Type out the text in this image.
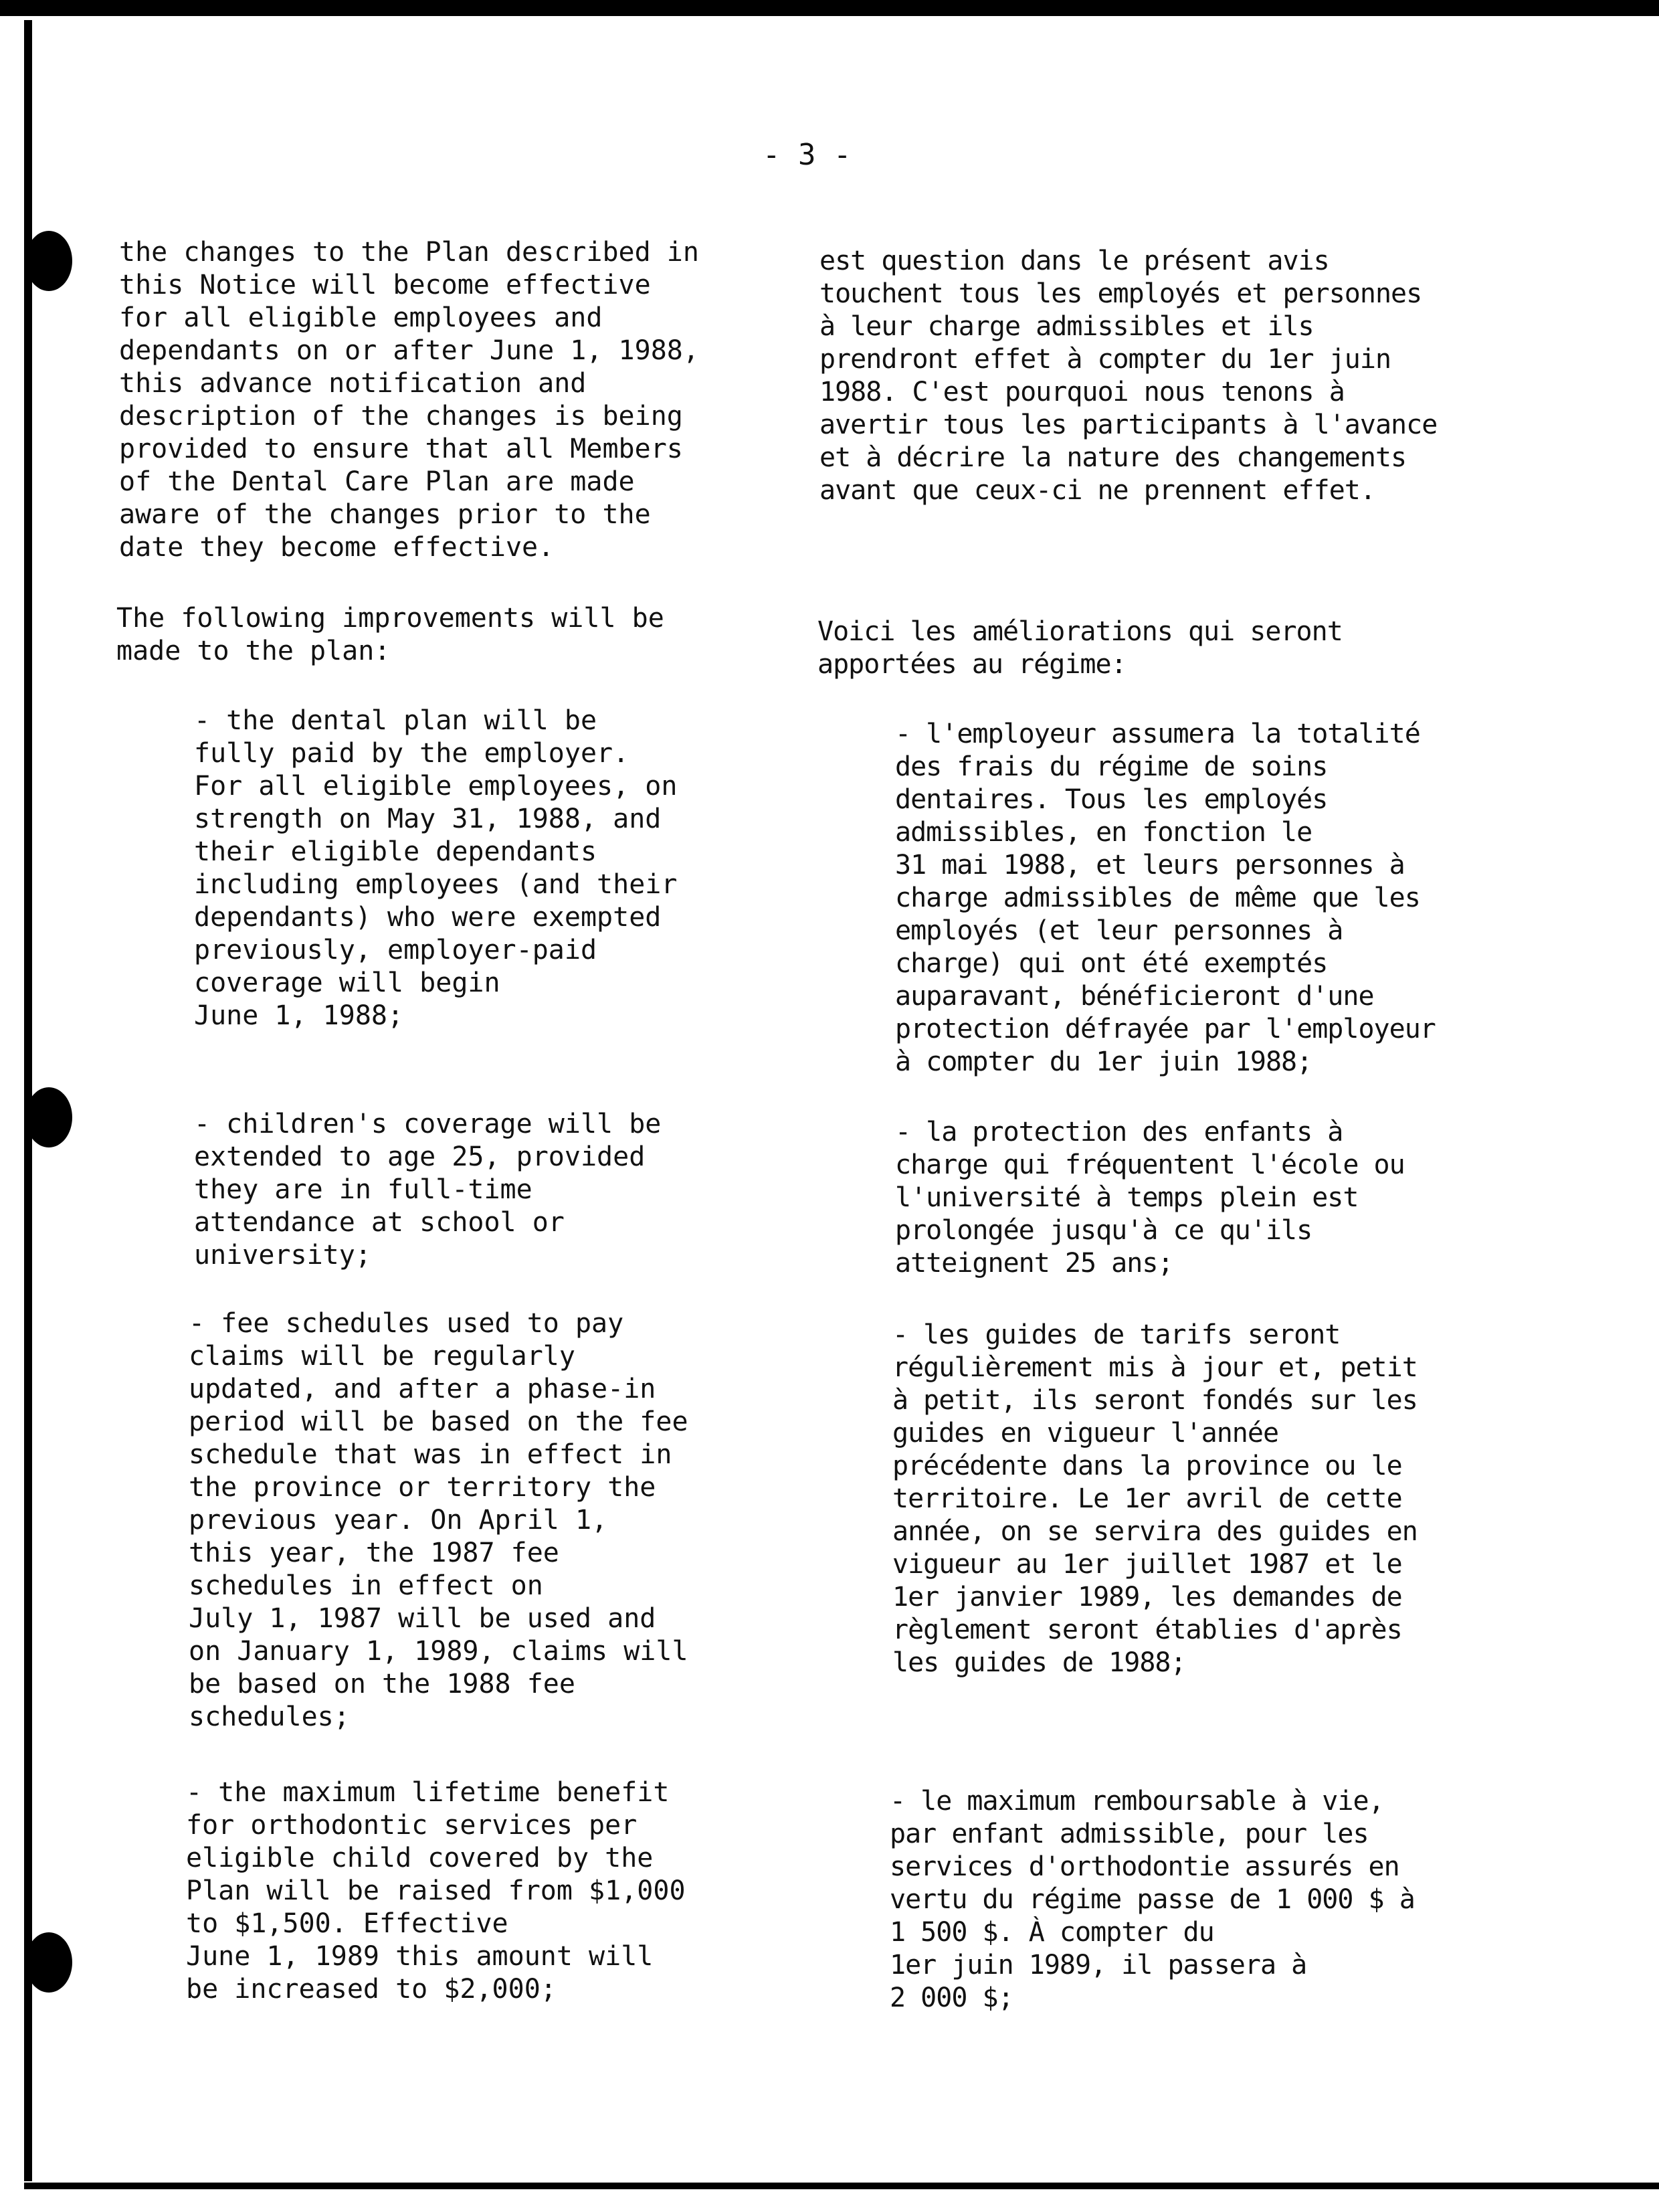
- 3 -

the changes to the Plan described in
this Notice will become effective
for all eligible employees and
dependants on or after June 1, 1988,
this advance notification and
description of the changes is being
provided to ensure that all Members
of the Dental Care Plan are made
aware of the changes prior to the
date they become effective.

The following improvements will be
made to the plan:

- the dental plan will be
fully paid by the employer.
For all eligible employees, on
strength on May 31, 1988, and
their eligible dependants
including employees (and their
dependants) who were exempted
previously, employer-paid
coverage will begin
June 1, 1988;

- children's coverage will be
extended to age 25, provided
they are in full-time
attendance at school or
university;

- fee schedules used to pay
claims will be regularly
updated, and after a phase-in
period will be based on the fee
schedule that was in effect in
the province or territory the
previous year. On April 1,
this year, the 1987 fee
schedules in effect on
July 1, 1987 will be used and
on January 1, 1989, claims will
be based on the 1988 fee
schedules;

- the maximum lifetime benefit
for orthodontic services per
eligible child covered by the
Plan will be raised from $1,000
to $1,500. Effective
June 1, 1989 this amount will
be increased to $2,000;

est question dans le présent avis
touchent tous les employés et personnes
à leur charge admissibles et ils
prendront effet à compter du 1er juin
1988. C'est pourquoi nous tenons à
avertir tous les participants à l'avance
et à décrire la nature des changements
avant que ceux-ci ne prennent effet.

Voici les améliorations qui seront
apportées au régime:

- l'employeur assumera la totalité
des frais du régime de soins
dentaires. Tous les employés
admissibles, en fonction le
31 mai 1988, et leurs personnes à
charge admissibles de même que les
employés (et leur personnes à
charge) qui ont été exemptés
auparavant, bénéficieront d'une
protection défrayée par l'employeur
à compter du 1er juin 1988;

- la protection des enfants à
charge qui fréquentent l'école ou
l'université à temps plein est
prolongée jusqu'à ce qu'ils
atteignent 25 ans;

- les guides de tarifs seront
régulièrement mis à jour et, petit
à petit, ils seront fondés sur les
guides en vigueur l'année
précédente dans la province ou le
territoire. Le 1er avril de cette
année, on se servira des guides en
vigueur au 1er juillet 1987 et le
1er janvier 1989, les demandes de
règlement seront établies d'après
les guides de 1988;

- le maximum remboursable à vie,
par enfant admissible, pour les
services d'orthodontie assurés en
vertu du régime passe de 1 000 $ à
1 500 $. À compter du
1er juin 1989, il passera à
2 000 $;
